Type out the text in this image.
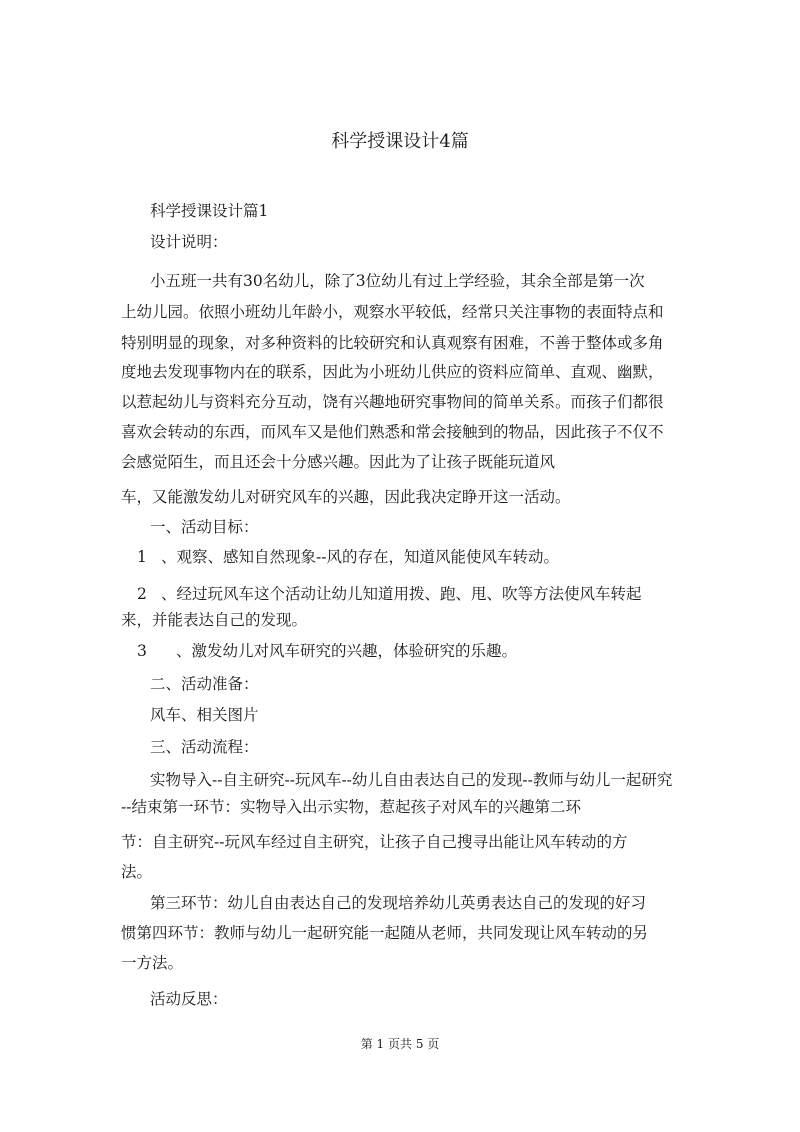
科学授课设计4篇
科学授课设计篇1
设计说明：
小五班一共有30名幼儿，除了3位幼儿有过上学经验，其余全部是第一次
上幼儿园。依照小班幼儿年龄小，观察水平较低，经常只关注事物的表面特点和
特别明显的现象，对多种资料的比较研究和认真观察有困难，不善于整体或多角
度地去发现事物内在的联系，因此为小班幼儿供应的资料应简单、直观、幽默，
以惹起幼儿与资料充分互动，饶有兴趣地研究事物间的简单关系。而孩子们都很
喜欢会转动的东西，而风车又是他们熟悉和常会接触到的物品，因此孩子不仅不
会感觉陌生，而且还会十分感兴趣。因此为了让孩子既能玩道风
车，又能激发幼儿对研究风车的兴趣，因此我决定睁开这一活动。
一、活动目标：
1 、观察、感知自然现象--风的存在，知道风能使风车转动。
2 、经过玩风车这个活动让幼儿知道用拨、跑、甩、吹等方法使风车转起
来，并能表达自己的发现。
3 、激发幼儿对风车研究的兴趣，体验研究的乐趣。
二、活动准备：
风车、相关图片
三、活动流程：
实物导入--自主研究--玩风车--幼儿自由表达自己的发现--教师与幼儿一起研究
--结束第一环节：实物导入出示实物，惹起孩子对风车的兴趣第二环
节：自主研究--玩风车经过自主研究，让孩子自己搜寻出能让风车转动的方
法。
第三环节：幼儿自由表达自己的发现培养幼儿英勇表达自己的发现的好习
惯第四环节：教师与幼儿一起研究能一起随从老师，共同发现让风车转动的另
一方法。
活动反思：
第 1 页共 5 页
